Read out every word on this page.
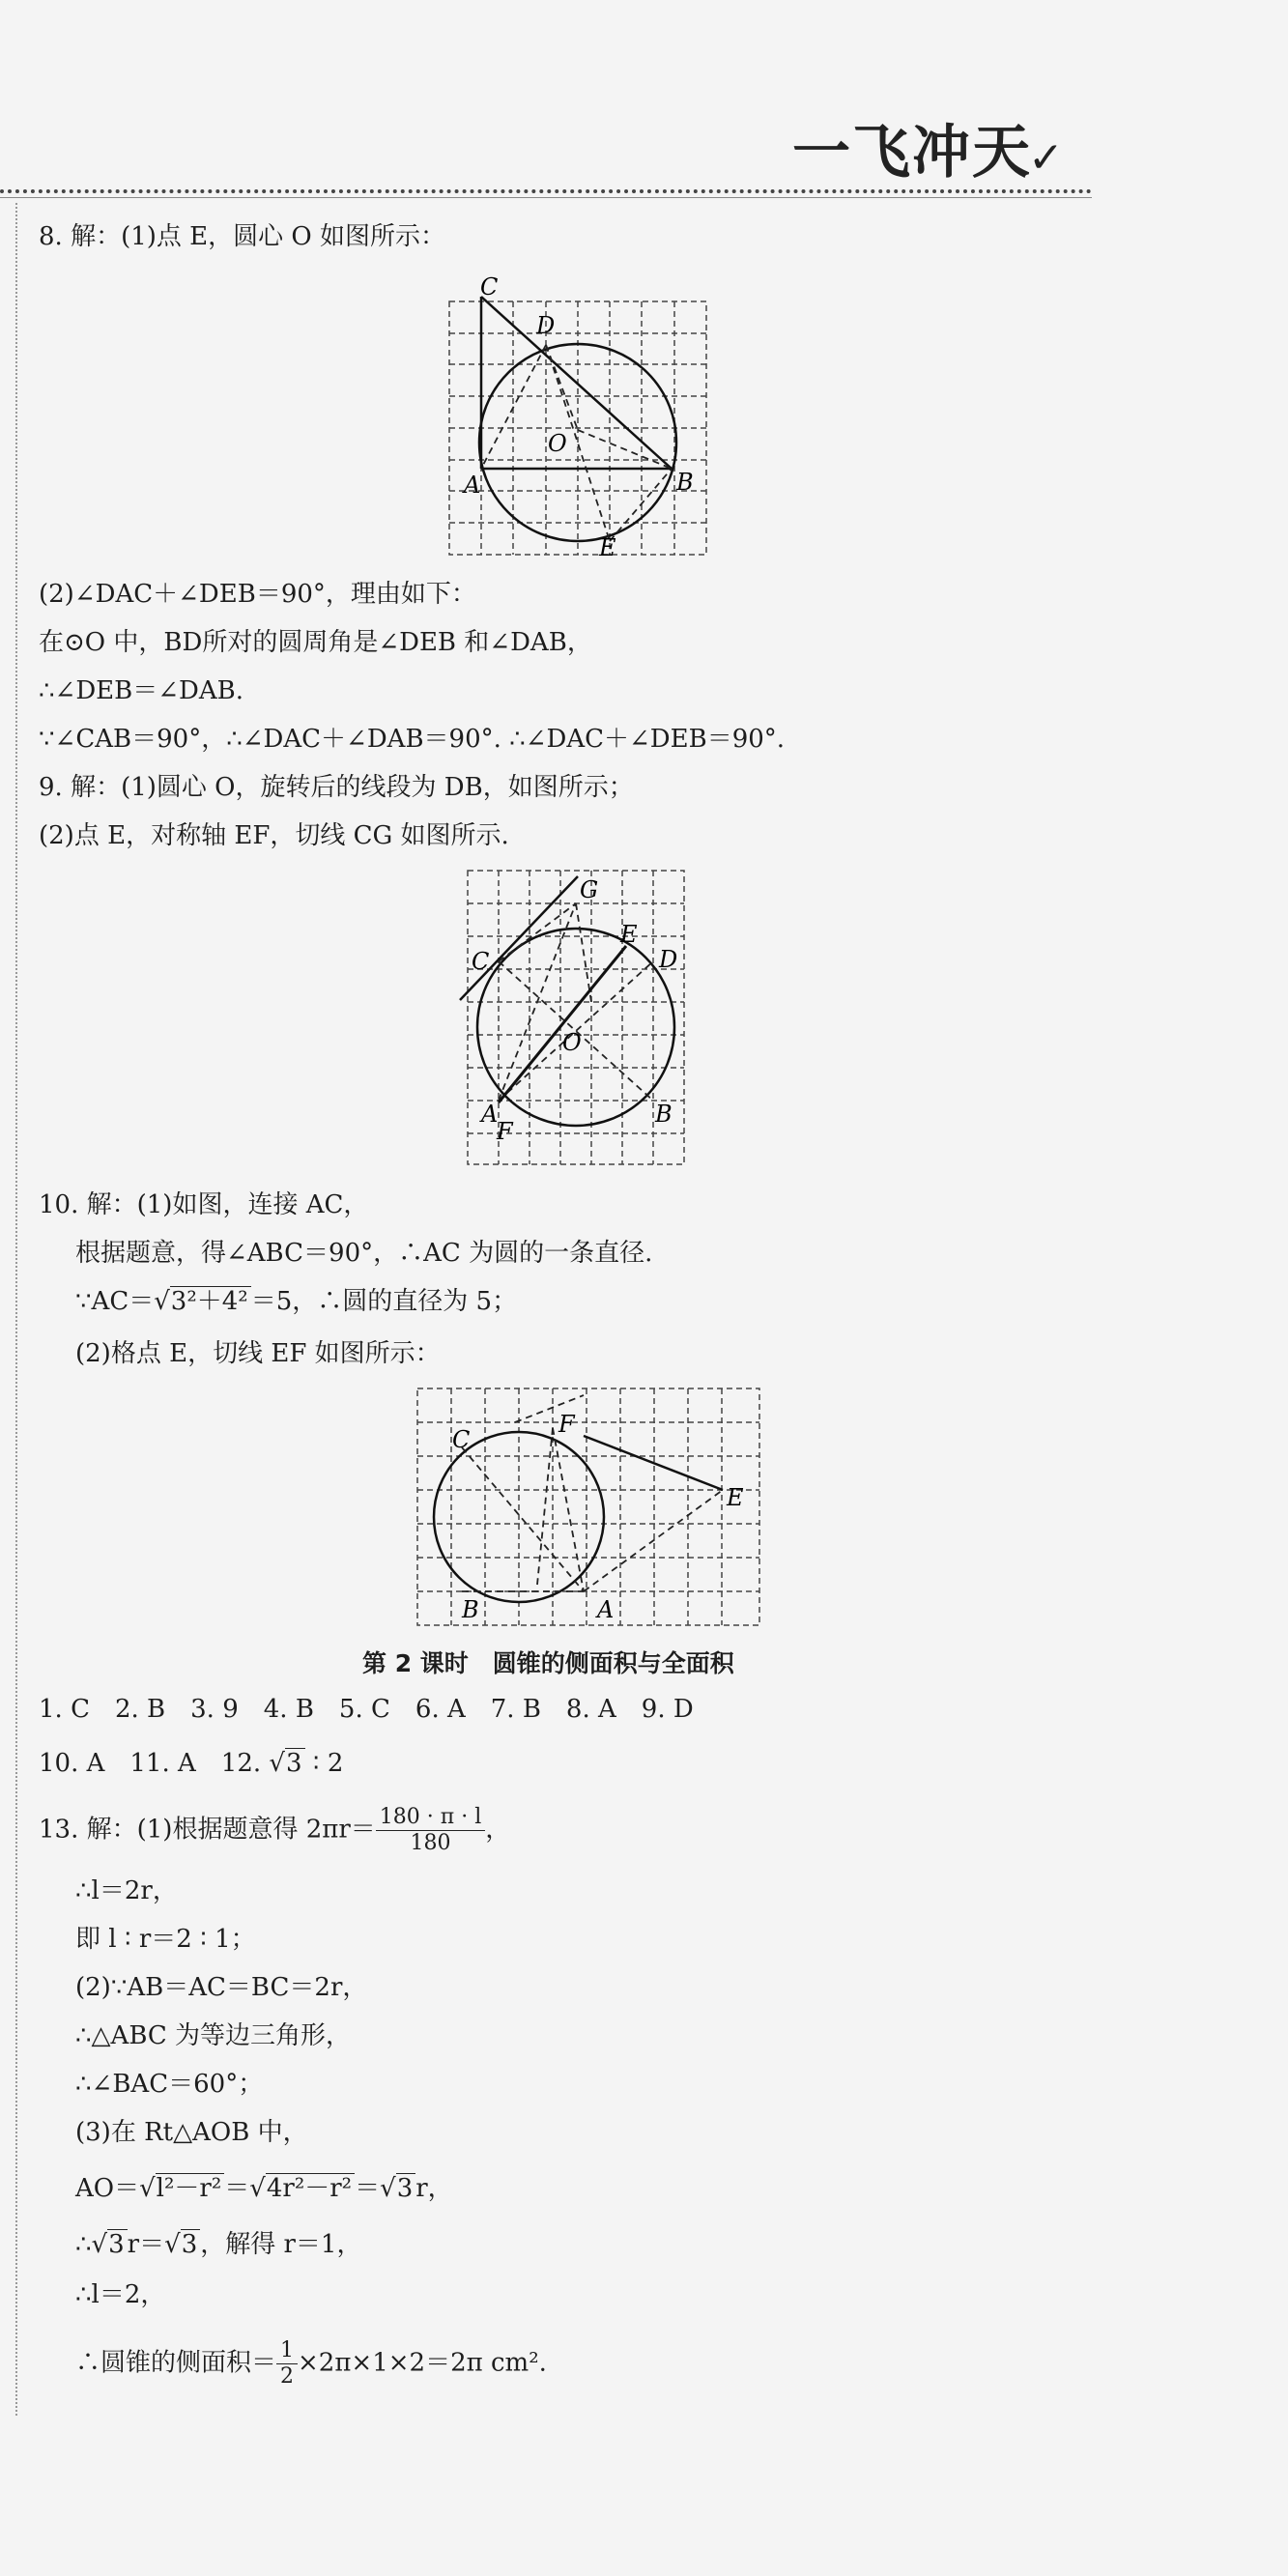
一飞冲天✓
8. 解：(1)点 E，圆心 O 如图所示：
C
D
O
A	B
E
(2)∠DAC＋∠DEB＝90°，理由如下：
在⊙O 中，BD所对的圆周角是∠DEB 和∠DAB，
∴∠DEB＝∠DAB.
∵∠CAB＝90°，∴∠DAC＋∠DAB＝90°. ∴∠DAC＋∠DEB＝90°.
9. 解：(1)圆心 O，旋转后的线段为 DB，如图所示；
(2)点 E，对称轴 EF，切线 CG 如图所示.
G
E
C	D
O
A
F
B
10. 解：(1)如图，连接 AC，
根据题意，得∠ABC＝90°，∴AC 为圆的一条直径.
∵AC＝√3²＋4² ＝5，∴圆的直径为 5；
(2)格点 E，切线 EF 如图所示：
C
F
E
B	A
第 2 课时　圆锥的侧面积与全面积
1. C　2. B　3. 9　4. B　5. C　6. A　7. B　8. A　9. D
10. A　11. A　12. √3 ∶ 2
13. 解：(1)根据题意得 $2\pi r= \frac{180 \cdot \pi \cdot l}{180}$ ，
∴l＝2r，
即 l ∶ r＝2 ∶ 1；
(2)∵AB＝AC＝BC＝2r，
∴△ABC 为等边三角形，
∴∠BAC＝60°；
(3)在 Rt△AOB 中，
AO＝√l²－r² ＝√4r²－r² ＝√3 r，
∴√3 r＝√3 ，解得 r＝1，
∴l＝2，
∴圆锥的侧面积＝ $\frac{1}{2} \times 2\pi\times 1\times 2=2\pi$ cm².
